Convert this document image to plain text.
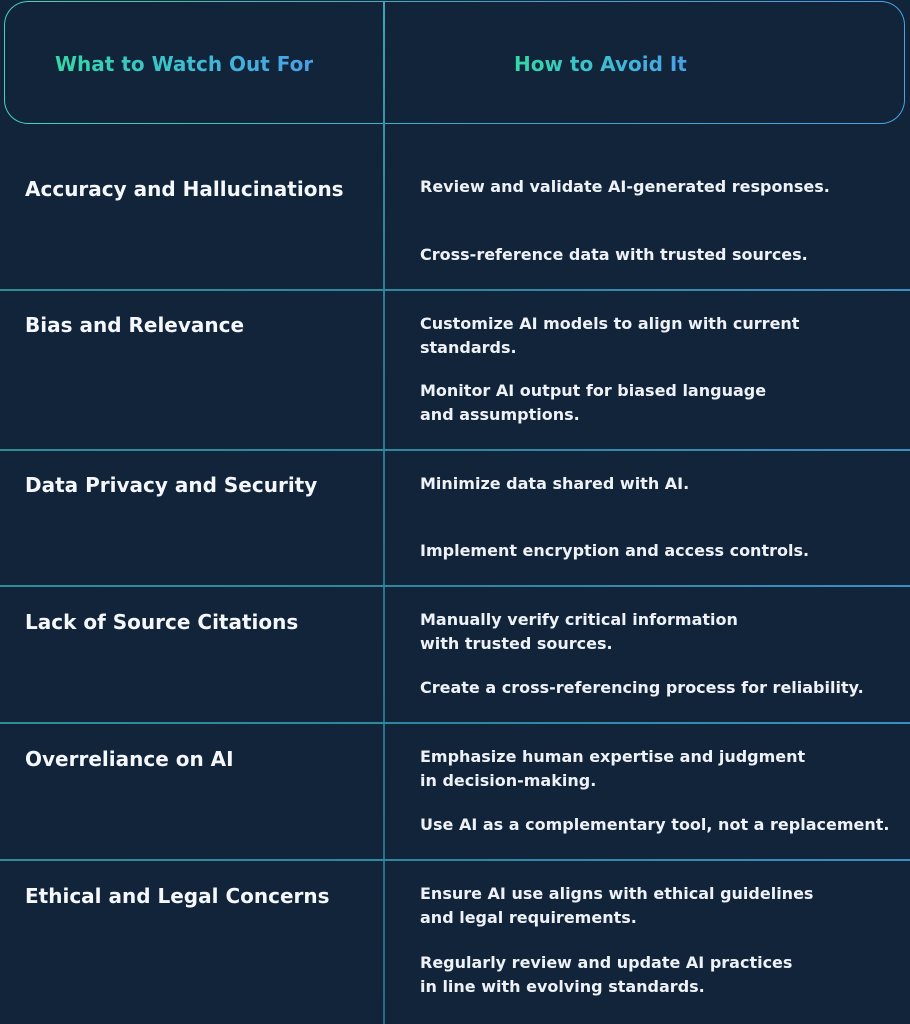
What to Watch Out For	How to Avoid It
Accuracy and Hallucinations	Review and validate AI-generated responses.

Cross-reference data with trusted sources.

Bias and Relevance	Customize AI models to align with current standards.

Monitor AI output for biased language
and assumptions.

Data Privacy and Security	Minimize data shared with AI.

Implement encryption and access controls.

Lack of Source Citations	Manually verify critical information
with trusted sources.

Create a cross-referencing process for reliability.

Overreliance on AI	Emphasize human expertise and judgment
in decision-making.

Use AI as a complementary tool, not a replacement.

Ethical and Legal Concerns	Ensure AI use aligns with ethical guidelines
and legal requirements.

Regularly review and update AI practices
in line with evolving standards.
